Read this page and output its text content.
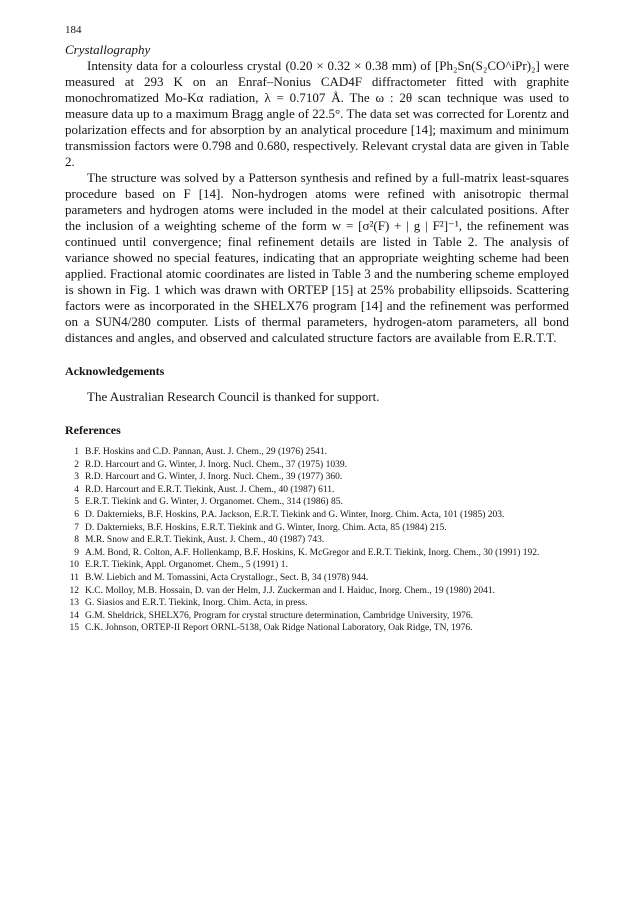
184
Crystallography

Intensity data for a colourless crystal (0.20 × 0.32 × 0.38 mm) of [Ph₂Sn(S₂CO^iPr)₂] were measured at 293 K on an Enraf–Nonius CAD4F diffractometer fitted with graphite monochromatized Mo-Kα radiation, λ = 0.7107 Å. The ω : 2θ scan technique was used to measure data up to a maximum Bragg angle of 22.5°. The data set was corrected for Lorentz and polarization effects and for absorption by an analytical procedure [14]; maximum and minimum transmission factors were 0.798 and 0.680, respectively. Relevant crystal data are given in Table 2.

The structure was solved by a Patterson synthesis and refined by a full-matrix least-squares procedure based on F [14]. Non-hydrogen atoms were refined with anisotropic thermal parameters and hydrogen atoms were included in the model at their calculated positions. After the inclusion of a weighting scheme of the form w = [σ²(F) + | g | F²]⁻¹, the refinement was continued until convergence; final refinement details are listed in Table 2. The analysis of variance showed no special features, indicating that an appropriate weighting scheme had been applied. Fractional atomic coordinates are listed in Table 3 and the numbering scheme employed is shown in Fig. 1 which was drawn with ORTEP [15] at 25% probability ellipsoids. Scattering factors were as incorporated in the SHELX76 program [14] and the refinement was performed on a SUN4/280 computer. Lists of thermal parameters, hydrogen-atom parameters, all bond distances and angles, and observed and calculated structure factors are available from E.R.T.T.

Acknowledgements
The Australian Research Council is thanked for support.
References
1 B.F. Hoskins and C.D. Pannan, Aust. J. Chem., 29 (1976) 2541.
2 R.D. Harcourt and G. Winter, J. Inorg. Nucl. Chem., 37 (1975) 1039.
3 R.D. Harcourt and G. Winter, J. Inorg. Nucl. Chem., 39 (1977) 360.
4 R.D. Harcourt and E.R.T. Tiekink, Aust. J. Chem., 40 (1987) 611.
5 E.R.T. Tiekink and G. Winter, J. Organomet. Chem., 314 (1986) 85.
6 D. Dakternieks, B.F. Hoskins, P.A. Jackson, E.R.T. Tiekink and G. Winter, Inorg. Chim. Acta, 101 (1985) 203.
7 D. Dakternieks, B.F. Hoskins, E.R.T. Tiekink and G. Winter, Inorg. Chim. Acta, 85 (1984) 215.
8 M.R. Snow and E.R.T. Tiekink, Aust. J. Chem., 40 (1987) 743.
9 A.M. Bond, R. Colton, A.F. Hollenkamp, B.F. Hoskins, K. McGregor and E.R.T. Tiekink, Inorg. Chem., 30 (1991) 192.
10 E.R.T. Tiekink, Appl. Organomet. Chem., 5 (1991) 1.
11 B.W. Liebich and M. Tomassini, Acta Crystallogr., Sect. B, 34 (1978) 944.
12 K.C. Molloy, M.B. Hossain, D. van der Helm, J.J. Zuckerman and I. Haiduc, Inorg. Chem., 19 (1980) 2041.
13 G. Siasios and E.R.T. Tiekink, Inorg. Chim. Acta, in press.
14 G.M. Sheldrick, SHELX76, Program for crystal structure determination, Cambridge University, 1976.
15 C.K. Johnson, ORTEP-II Report ORNL-5138, Oak Ridge National Laboratory, Oak Ridge, TN, 1976.
